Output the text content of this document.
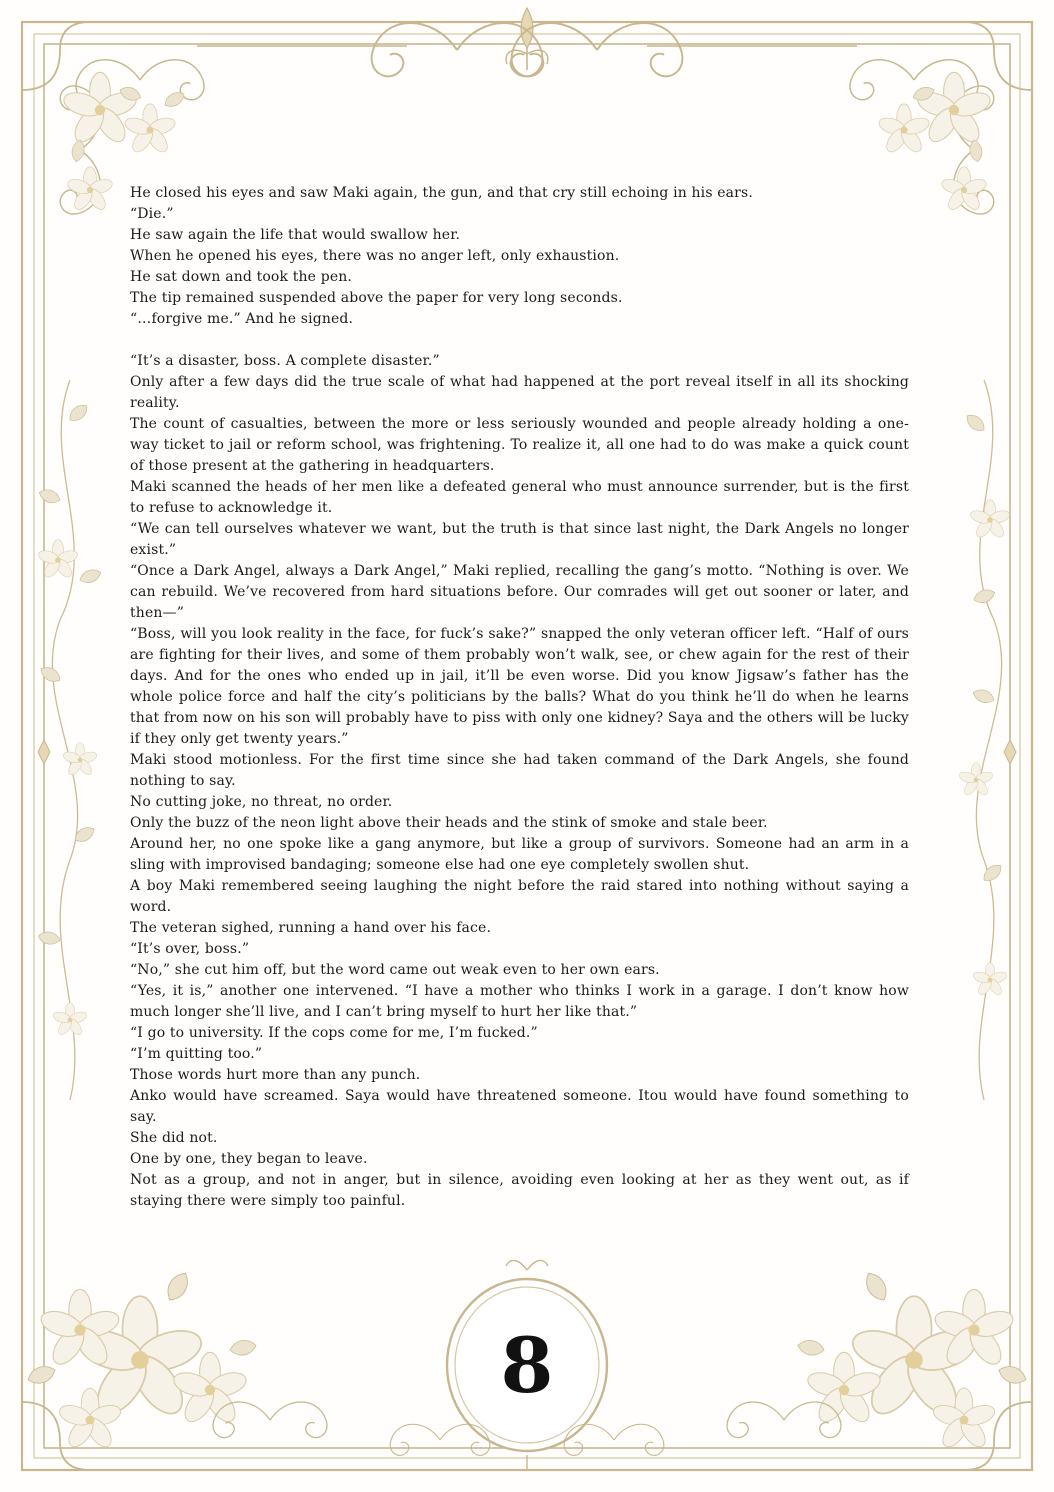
He closed his eyes and saw Maki again, the gun, and that cry still echoing in his ears.

“Die.”

He saw again the life that would swallow her.

When he opened his eyes, there was no anger left, only exhaustion.

He sat down and took the pen.

The tip remained suspended above the paper for very long seconds.

“…forgive me.” And he signed.

“It’s a disaster, boss. A complete disaster.”

Only after a few days did the true scale of what had happened at the port reveal itself in all its shocking reality.

The count of casualties, between the more or less seriously wounded and people already holding a one-way ticket to jail or reform school, was frightening. To realize it, all one had to do was make a quick count of those present at the gathering in headquarters.

Maki scanned the heads of her men like a defeated general who must announce surrender, but is the first to refuse to acknowledge it.

“We can tell ourselves whatever we want, but the truth is that since last night, the Dark Angels no longer exist.”

“Once a Dark Angel, always a Dark Angel,” Maki replied, recalling the gang’s motto. “Nothing is over. We can rebuild. We’ve recovered from hard situations before. Our comrades will get out sooner or later, and then—”

“Boss, will you look reality in the face, for fuck’s sake?” snapped the only veteran officer left. “Half of ours are fighting for their lives, and some of them probably won’t walk, see, or chew again for the rest of their days. And for the ones who ended up in jail, it’ll be even worse. Did you know Jigsaw’s father has the whole police force and half the city’s politicians by the balls? What do you think he’ll do when he learns that from now on his son will probably have to piss with only one kidney? Saya and the others will be lucky if they only get twenty years.”

Maki stood motionless. For the first time since she had taken command of the Dark Angels, she found nothing to say.

No cutting joke, no threat, no order.

Only the buzz of the neon light above their heads and the stink of smoke and stale beer.

Around her, no one spoke like a gang anymore, but like a group of survivors. Someone had an arm in a sling with improvised bandaging; someone else had one eye completely swollen shut.

A boy Maki remembered seeing laughing the night before the raid stared into nothing without saying a word.

The veteran sighed, running a hand over his face.

“It’s over, boss.”

“No,” she cut him off, but the word came out weak even to her own ears.

“Yes, it is,” another one intervened. “I have a mother who thinks I work in a garage. I don’t know how much longer she’ll live, and I can’t bring myself to hurt her like that.”

“I go to university. If the cops come for me, I’m fucked.”

“I’m quitting too.”

Those words hurt more than any punch.

Anko would have screamed. Saya would have threatened someone. Itou would have found something to say.

She did not.

One by one, they began to leave.

Not as a group, and not in anger, but in silence, avoiding even looking at her as they went out, as if staying there were simply too painful.

8
